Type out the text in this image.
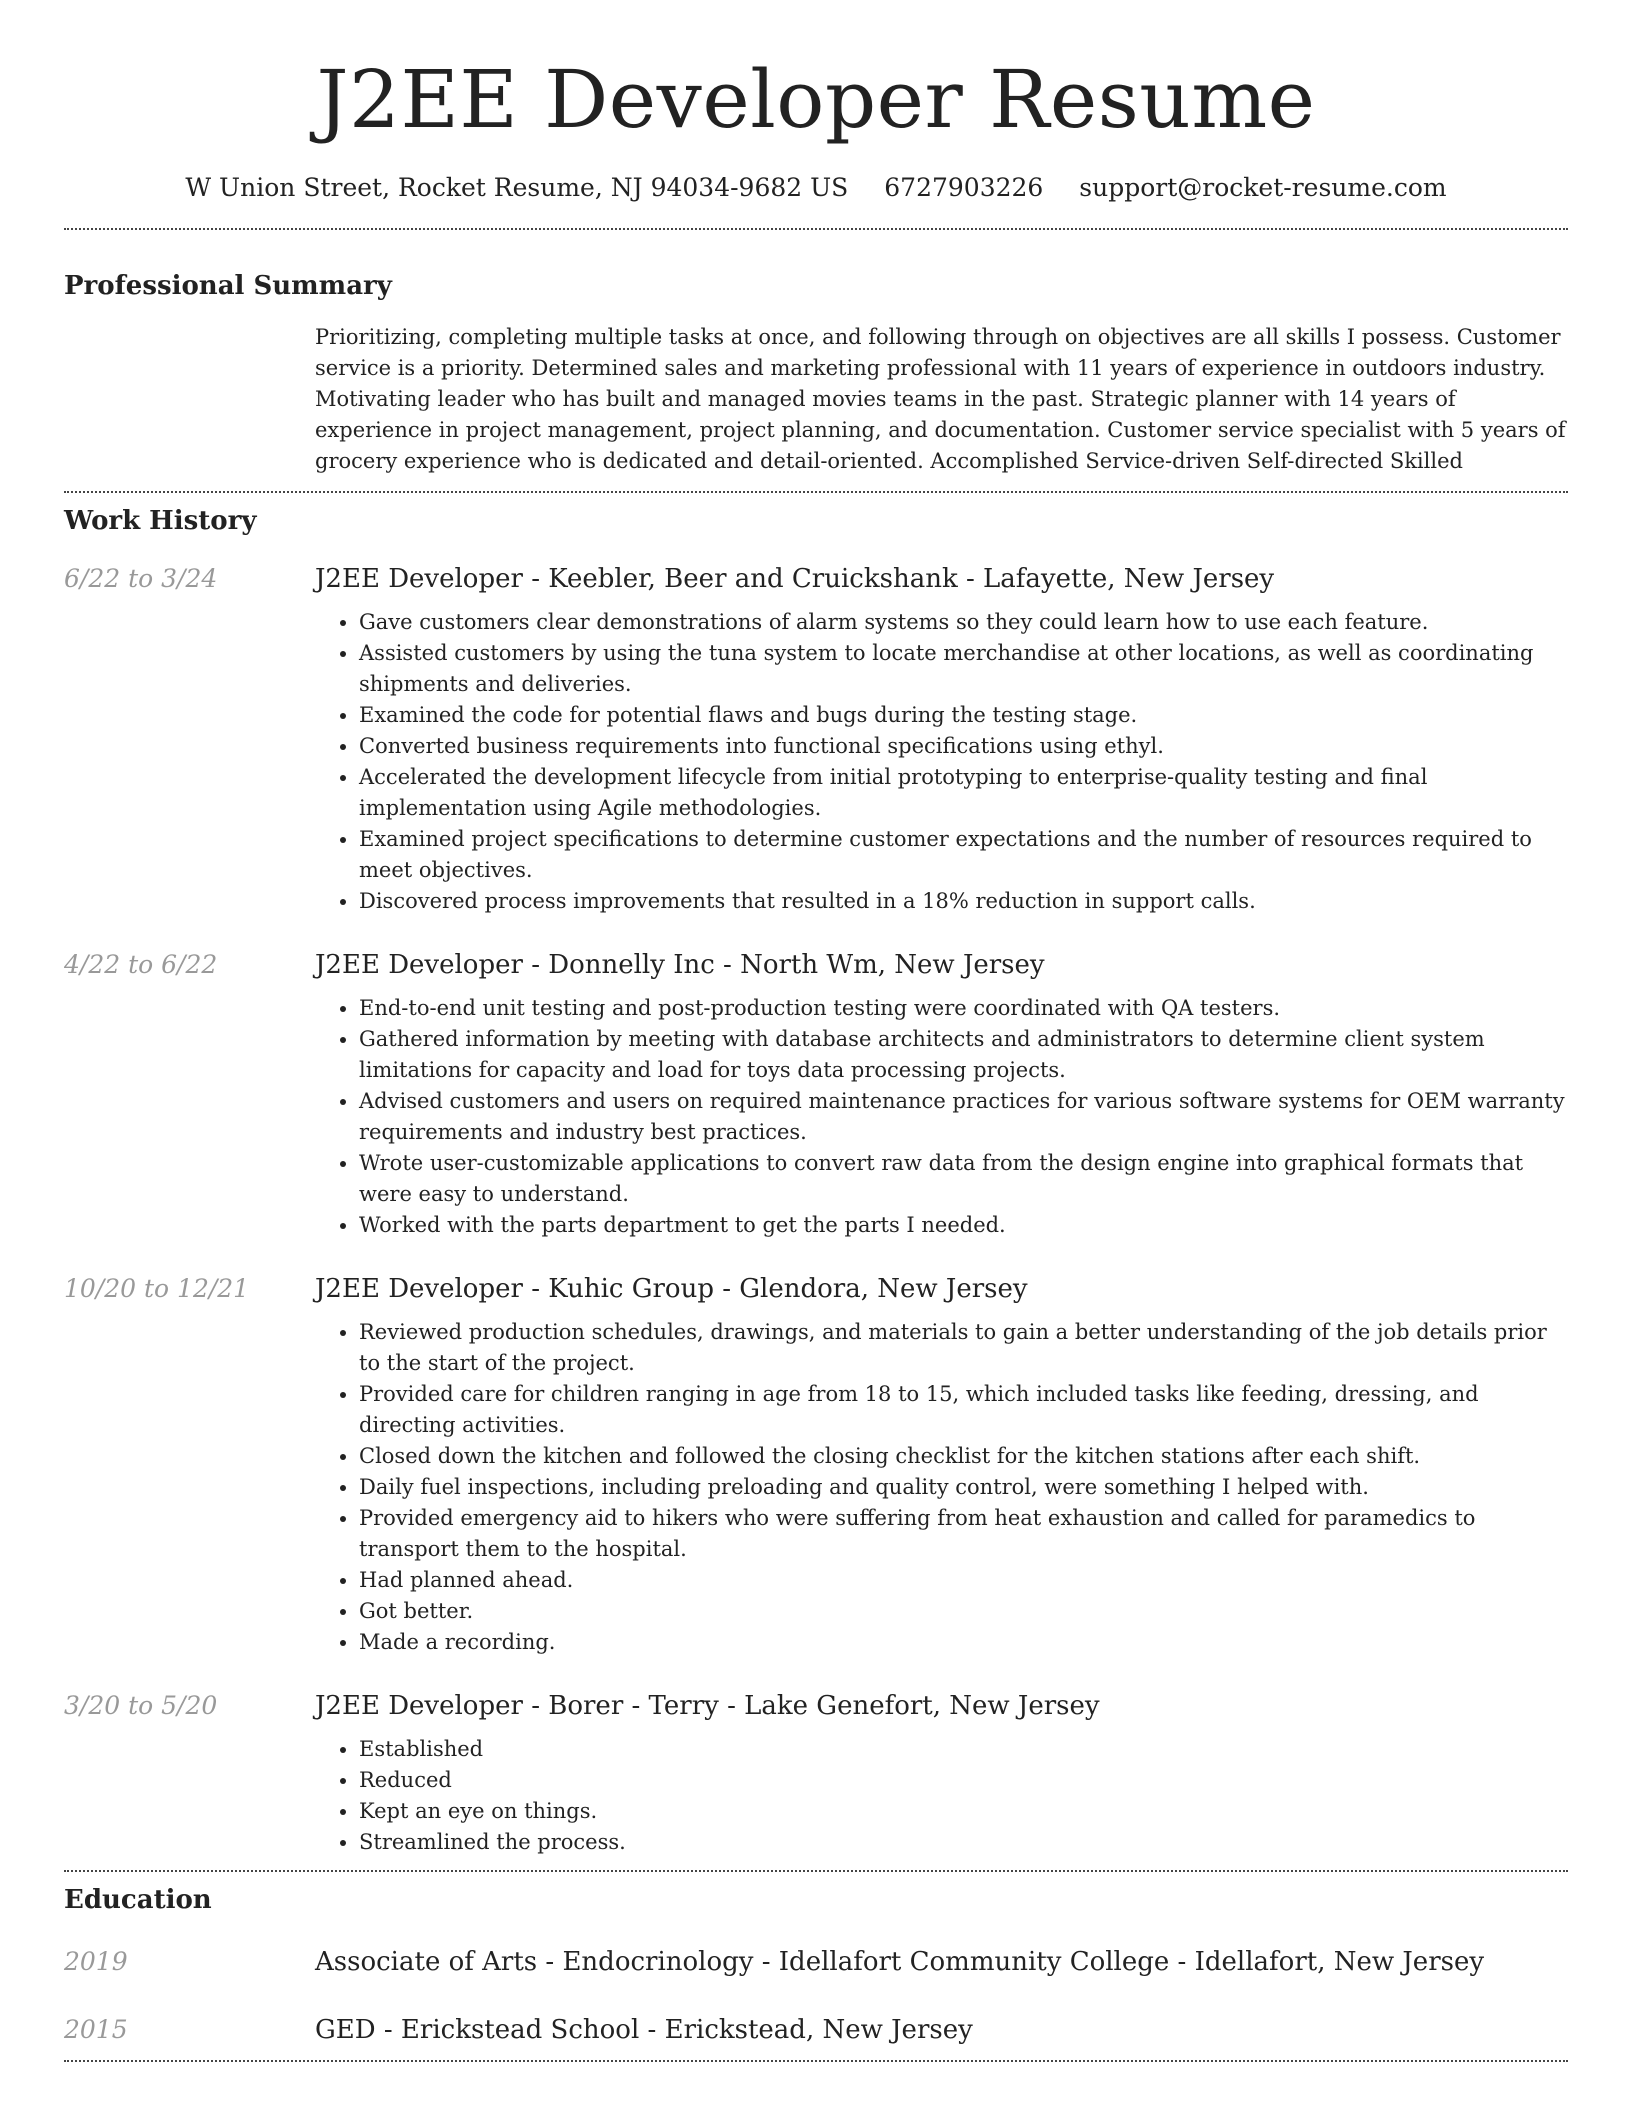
J2EE Developer Resume
W Union Street, Rocket Resume, NJ 94034-9682 US 6727903226 support@rocket-resume.com
Professional Summary
Prioritizing, completing multiple tasks at once, and following through on objectives are all skills I possess. Customer service is a priority. Determined sales and marketing professional with 11 years of experience in outdoors industry. Motivating leader who has built and managed movies teams in the past. Strategic planner with 14 years of experience in project management, project planning, and documentation. Customer service specialist with 5 years of grocery experience who is dedicated and detail-oriented. Accomplished Service-driven Self-directed Skilled
Work History
6/22 to 3/24	J2EE Developer - Keebler, Beer and Cruickshank - Lafayette, New Jersey
• Gave customers clear demonstrations of alarm systems so they could learn how to use each feature.
• Assisted customers by using the tuna system to locate merchandise at other locations, as well as coordinating shipments and deliveries.
• Examined the code for potential flaws and bugs during the testing stage.
• Converted business requirements into functional specifications using ethyl.
• Accelerated the development lifecycle from initial prototyping to enterprise-quality testing and final implementation using Agile methodologies.
• Examined project specifications to determine customer expectations and the number of resources required to meet objectives.
• Discovered process improvements that resulted in a 18% reduction in support calls.
4/22 to 6/22	J2EE Developer - Donnelly Inc - North Wm, New Jersey
• End-to-end unit testing and post-production testing were coordinated with QA testers.
• Gathered information by meeting with database architects and administrators to determine client system limitations for capacity and load for toys data processing projects.
• Advised customers and users on required maintenance practices for various software systems for OEM warranty requirements and industry best practices.
• Wrote user-customizable applications to convert raw data from the design engine into graphical formats that were easy to understand.
• Worked with the parts department to get the parts I needed.
10/20 to 12/21	J2EE Developer - Kuhic Group - Glendora, New Jersey
• Reviewed production schedules, drawings, and materials to gain a better understanding of the job details prior to the start of the project.
• Provided care for children ranging in age from 18 to 15, which included tasks like feeding, dressing, and directing activities.
• Closed down the kitchen and followed the closing checklist for the kitchen stations after each shift.
• Daily fuel inspections, including preloading and quality control, were something I helped with.
• Provided emergency aid to hikers who were suffering from heat exhaustion and called for paramedics to transport them to the hospital.
• Had planned ahead.
• Got better.
• Made a recording.
3/20 to 5/20	J2EE Developer - Borer - Terry - Lake Genefort, New Jersey
• Established
• Reduced
• Kept an eye on things.
• Streamlined the process.
Education
2019	Associate of Arts - Endocrinology - Idellafort Community College - Idellafort, New Jersey
2015	GED - Erickstead School - Erickstead, New Jersey
